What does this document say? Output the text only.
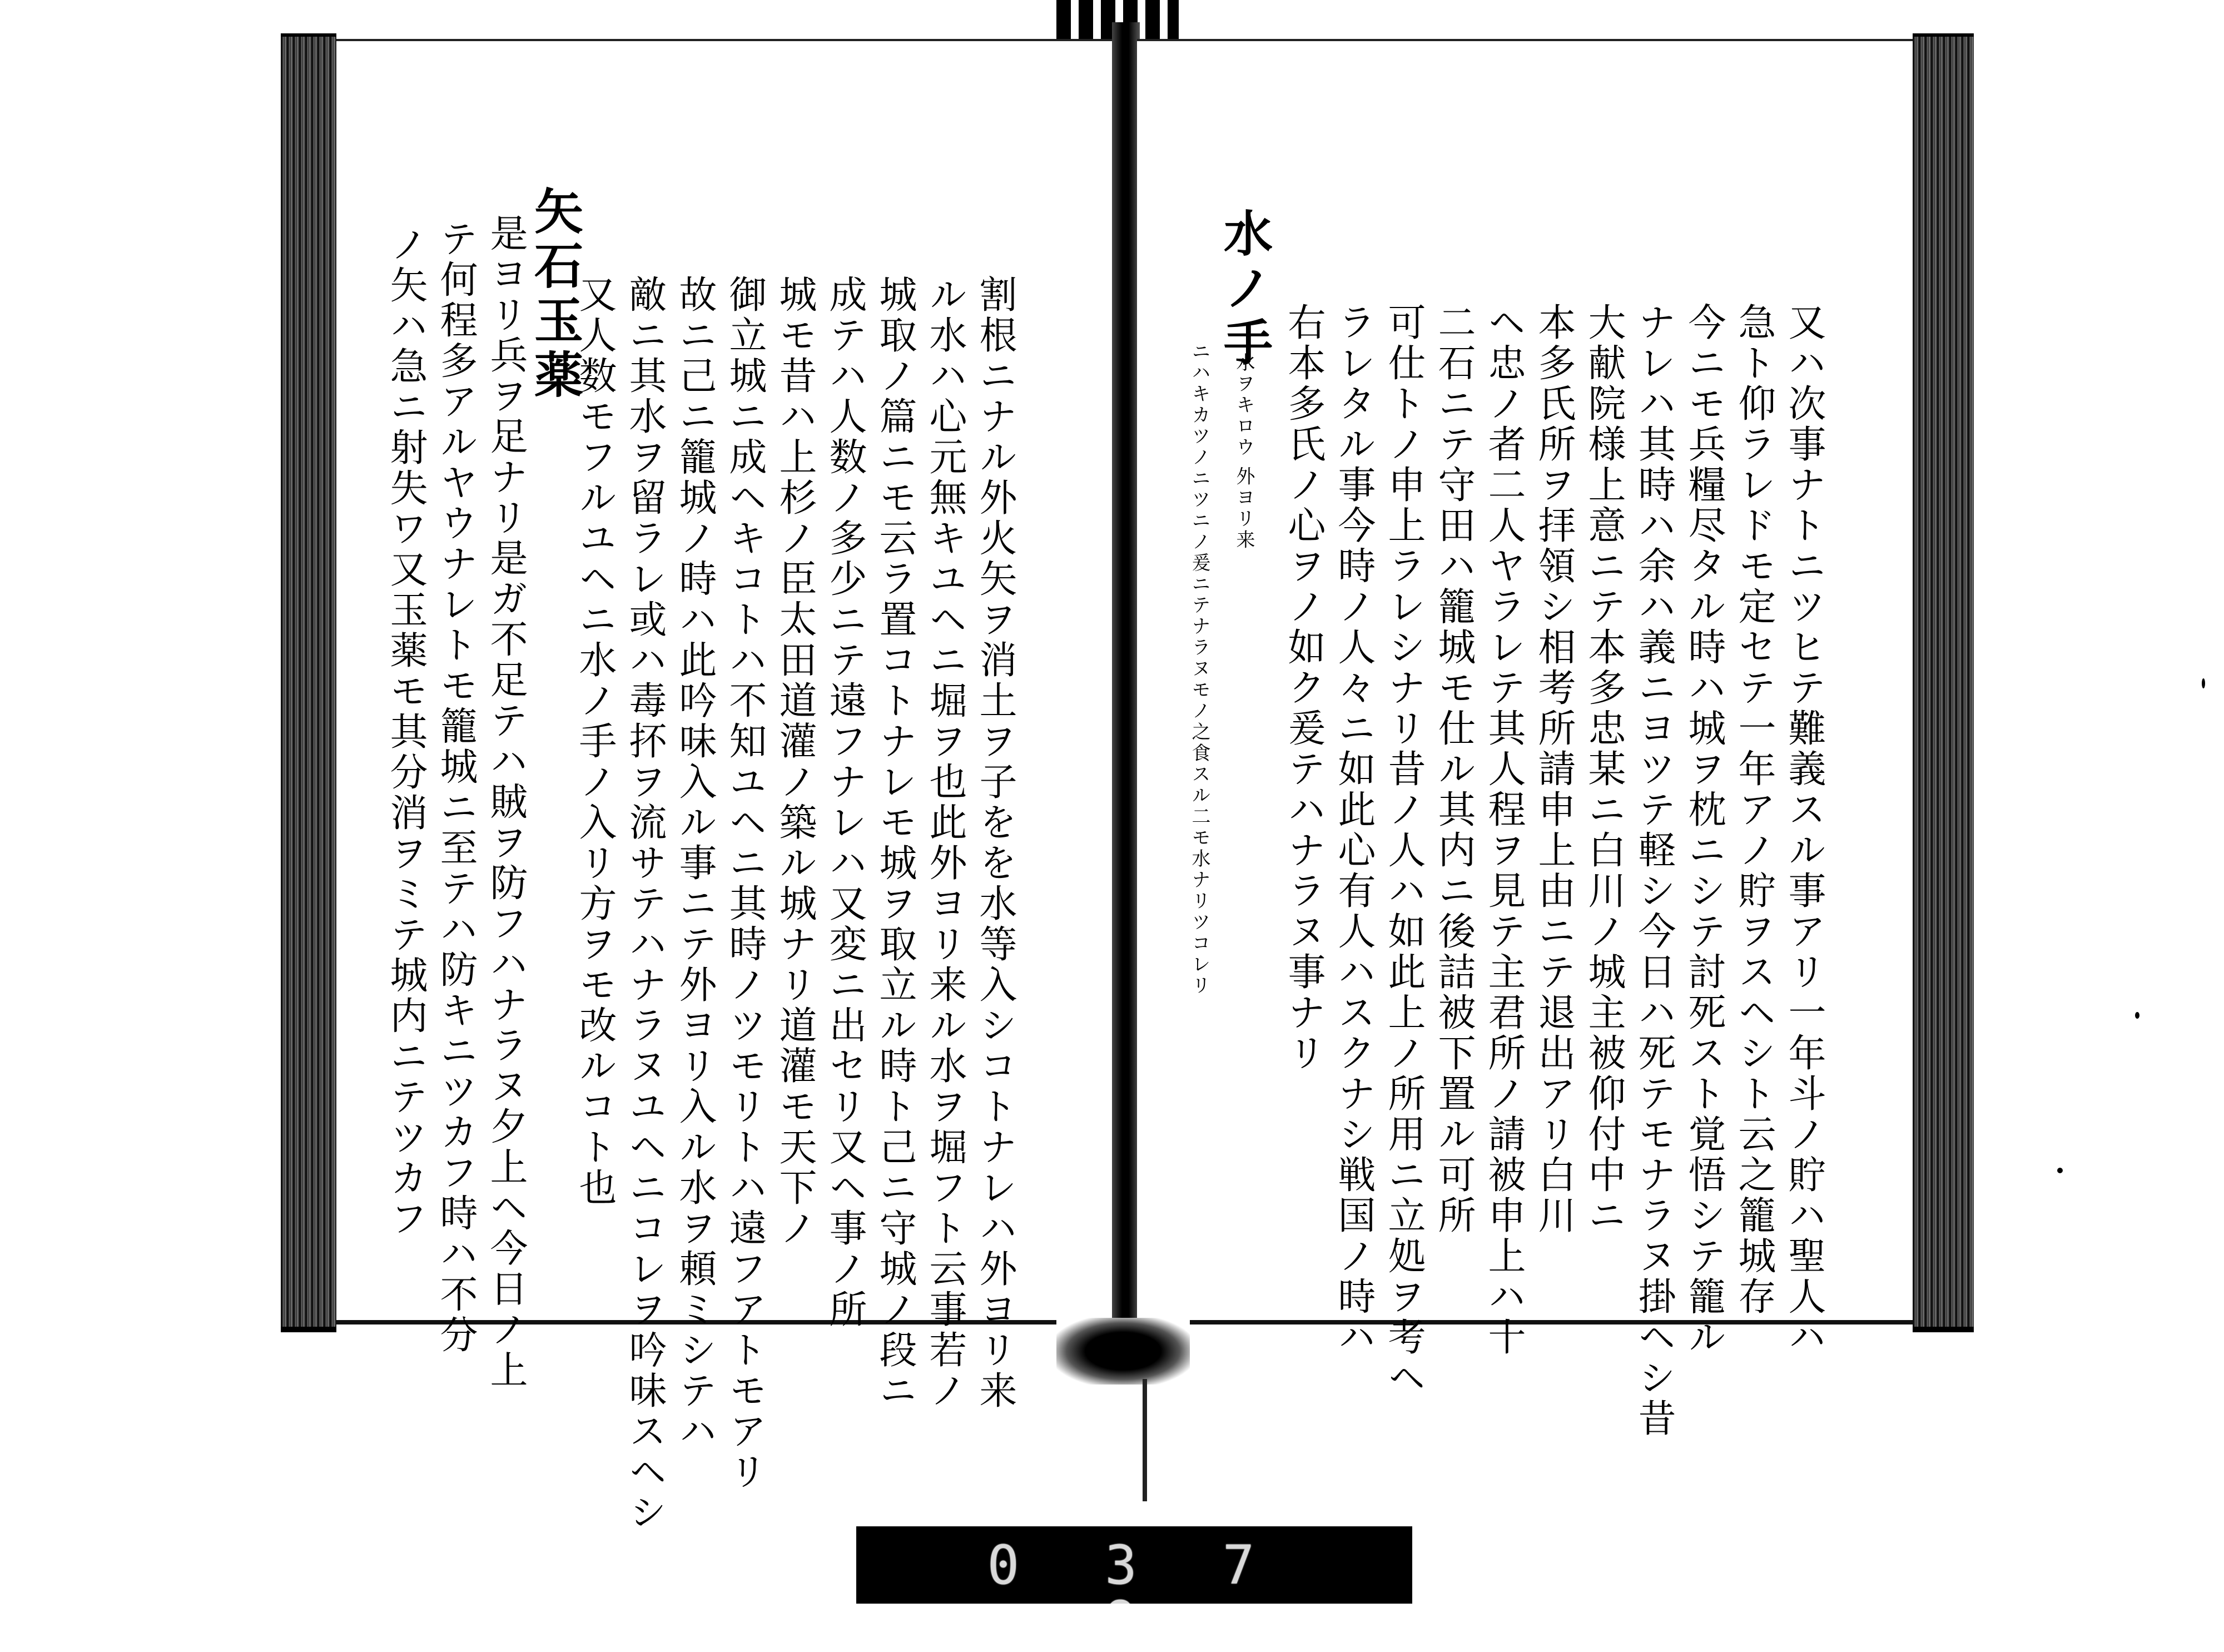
ノ矢ハ急ニ射失ワ又玉薬モ其分消ヲミテ城内ニテツカフ テ何程多アルヤウナレトモ籠城ニ至テハ防キニツカフ時ハ不分 是ヨリ兵ヲ足ナリ是ガ不足テハ賊ヲ防フハナラヌ夕上ヘ今日ノ上
矢石玉薬
又人数モフルユヘニ水ノ手ノ入リ方ヲモ改ルコト也 敵ニ其水ヲ留ラレ或ハ毒抔ヲ流サテハナラヌユヘニコレヲ吟味スヘシ 故ニ己ニ籠城ノ時ハ此吟味入ル事ニテ外ヨリ入ル水ヲ頼ミシテハ 御立城ニ成ヘキコトハ不知ユヘニ其時ノツモリトハ遠フアトモアリ 城モ昔ハ上杉ノ臣太田道灌ノ築ル城ナリ道灌モ天下ノ 成テハ人数ノ多少ニテ遠フナレハ又変ニ出セリ又ヘ事ノ所 城取ノ篇ニモ云ラ置コトナレモ城ヲ取立ル時ト己ニ守城ノ段ニ ル水ハ心元無キユヘニ堀ヲ也此外ヨリ来ル水ヲ堀フト云事若ノ 割根ニナル外火矢ヲ消土ヲ子をを水等入シコトナレハ外ヨリ来	ニハキカツノニツニノ爰ニテナラヌモノ之食スル二モ水ナリツコレリ 水ヲキロウ 外ヨリ来
水ノ手
右本多氏ノ心ヲノ如ク爰テハナラヌ事ナリ ラレタル事今時ノ人々ニ如此心有人ハスクナシ戦国ノ時ハ 可仕トノ申上ラレシナリ昔ノ人ハ如此上ノ所用ニ立処ヲ考ヘ 二石ニテ守田ハ籠城モ仕ル其内ニ後詰被下置ル可所 ヘ忠ノ者二人ヤラレテ其人程ヲ見テ主君所ノ請被申上ハ十 本多氏所ヲ拝領シ相考所請申上由ニテ退出アリ白川 大献院様上意ニテ本多忠某ニ白川ノ城主被仰付中ニ ナレハ其時ハ余ハ義ニヨツテ軽シ今日ハ死テモナラヌ掛ヘシ昔 今ニモ兵糧尽タル時ハ城ヲ枕ニシテ討死スト覚悟シテ籠ル 急ト仰ラレドモ定セテ一年アノ貯ヲスヘシト云之籠城存 又ハ次事ナトニツヒテ難義スル事アリ一年斗ノ貯ハ聖人ハ
0 3 7 9
